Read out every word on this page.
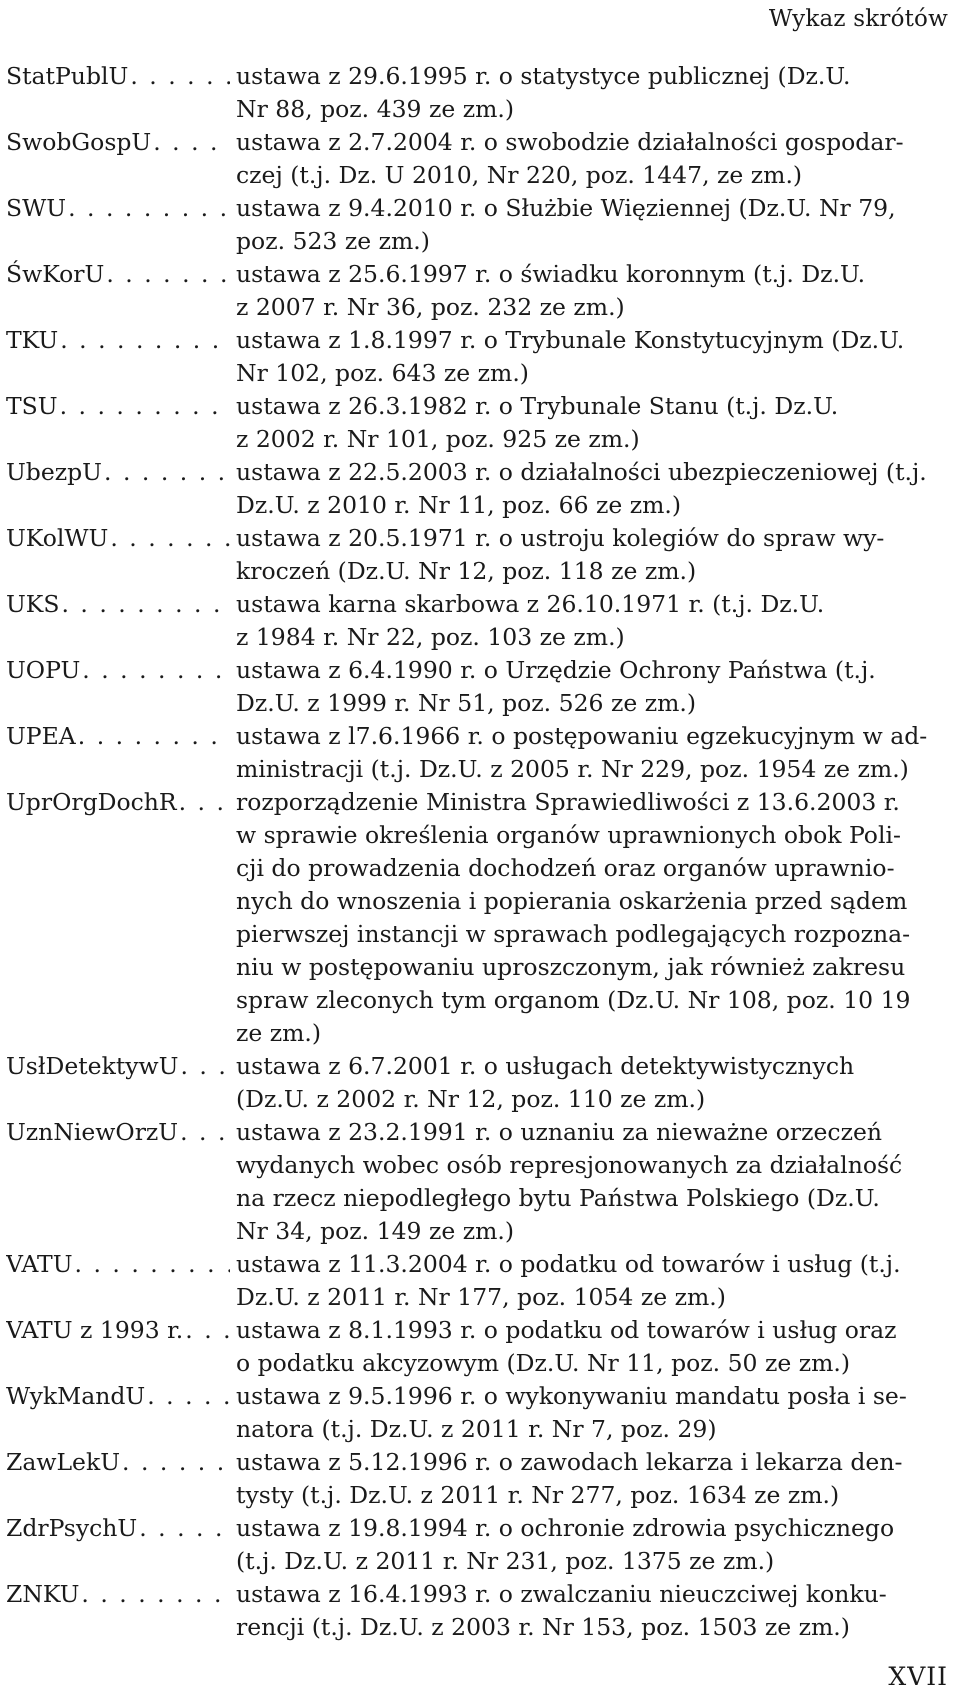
Wykaz skrótów
StatPublU . . .	ustawa z 29.6.1995 r. o statystyce publicznej (Dz.U.
Nr 88, poz. 439 ze zm.)
SwobGospU . . .	ustawa z 2.7.2004 r. o swobodzie działalności gospodar-
czej (t.j. Dz. U 2010, Nr 220, poz. 1447, ze zm.)
SWU . . .	ustawa z 9.4.2010 r. o Służbie Więziennej (Dz.U. Nr 79,
poz. 523 ze zm.)
ŚwKorU . . .	ustawa z 25.6.1997 r. o świadku koronnym (t.j. Dz.U.
z 2007 r. Nr 36, poz. 232 ze zm.)
TKU . . .	ustawa z 1.8.1997 r. o Trybunale Konstytucyjnym (Dz.U.
Nr 102, poz. 643 ze zm.)
TSU . . .	ustawa z 26.3.1982 r. o Trybunale Stanu (t.j. Dz.U.
z 2002 r. Nr 101, poz. 925 ze zm.)
UbezpU . . .	ustawa z 22.5.2003 r. o działalności ubezpieczeniowej (t.j.
Dz.U. z 2010 r. Nr 11, poz. 66 ze zm.)
UKolWU . . .	ustawa z 20.5.1971 r. o ustroju kolegiów do spraw wy-
kroczeń (Dz.U. Nr 12, poz. 118 ze zm.)
UKS . . .	ustawa karna skarbowa z 26.10.1971 r. (t.j. Dz.U.
z 1984 r. Nr 22, poz. 103 ze zm.)
UOPU . . .	ustawa z 6.4.1990 r. o Urzędzie Ochrony Państwa (t.j.
Dz.U. z 1999 r. Nr 51, poz. 526 ze zm.)
UPEA . . .	ustawa z l7.6.1966 r. o postępowaniu egzekucyjnym w ad-
ministracji (t.j. Dz.U. z 2005 r. Nr 229, poz. 1954 ze zm.)
UprOrgDochR . . .	rozporządzenie Ministra Sprawiedliwości z 13.6.2003 r.
w sprawie określenia organów uprawnionych obok Poli-
cji do prowadzenia dochodzeń oraz organów uprawnio-
nych do wnoszenia i popierania oskarżenia przed sądem
pierwszej instancji w sprawach podlegających rozpozna-
niu w postępowaniu uproszczonym, jak również zakresu
spraw zleconych tym organom (Dz.U. Nr 108, poz. 10 19
ze zm.)
UsłDetektywU . . . ustawa z 6.7.2001 r. o usługach detektywistycznych
(Dz.U. z 2002 r. Nr 12, poz. 110 ze zm.)
UznNiewOrzU . . . ustawa z 23.2.1991 r. o uznaniu za nieważne orzeczeń
wydanych wobec osób represjonowanych za działalność
na rzecz niepodległego bytu Państwa Polskiego (Dz.U.
Nr 34, poz. 149 ze zm.)
VATU . . .	ustawa z 11.3.2004 r. o podatku od towarów i usług (t.j.
Dz.U. z 2011 r. Nr 177, poz. 1054 ze zm.)
VATU z 1993 r. . . . ustawa z 8.1.1993 r. o podatku od towarów i usług oraz
o podatku akcyzowym (Dz.U. Nr 11, poz. 50 ze zm.)
WykMandU . . .	ustawa z 9.5.1996 r. o wykonywaniu mandatu posła i se-
natora (t.j. Dz.U. z 2011 r. Nr 7, poz. 29)
ZawLekU . . .	ustawa z 5.12.1996 r. o zawodach lekarza i lekarza den-
tysty (t.j. Dz.U. z 2011 r. Nr 277, poz. 1634 ze zm.)
ZdrPsychU . . .	ustawa z 19.8.1994 r. o ochronie zdrowia psychicznego
(t.j. Dz.U. z 2011 r. Nr 231, poz. 1375 ze zm.)
ZNKU . . .	ustawa z 16.4.1993 r. o zwalczaniu nieuczciwej konku-
rencji (t.j. Dz.U. z 2003 r. Nr 153, poz. 1503 ze zm.)
XVII
